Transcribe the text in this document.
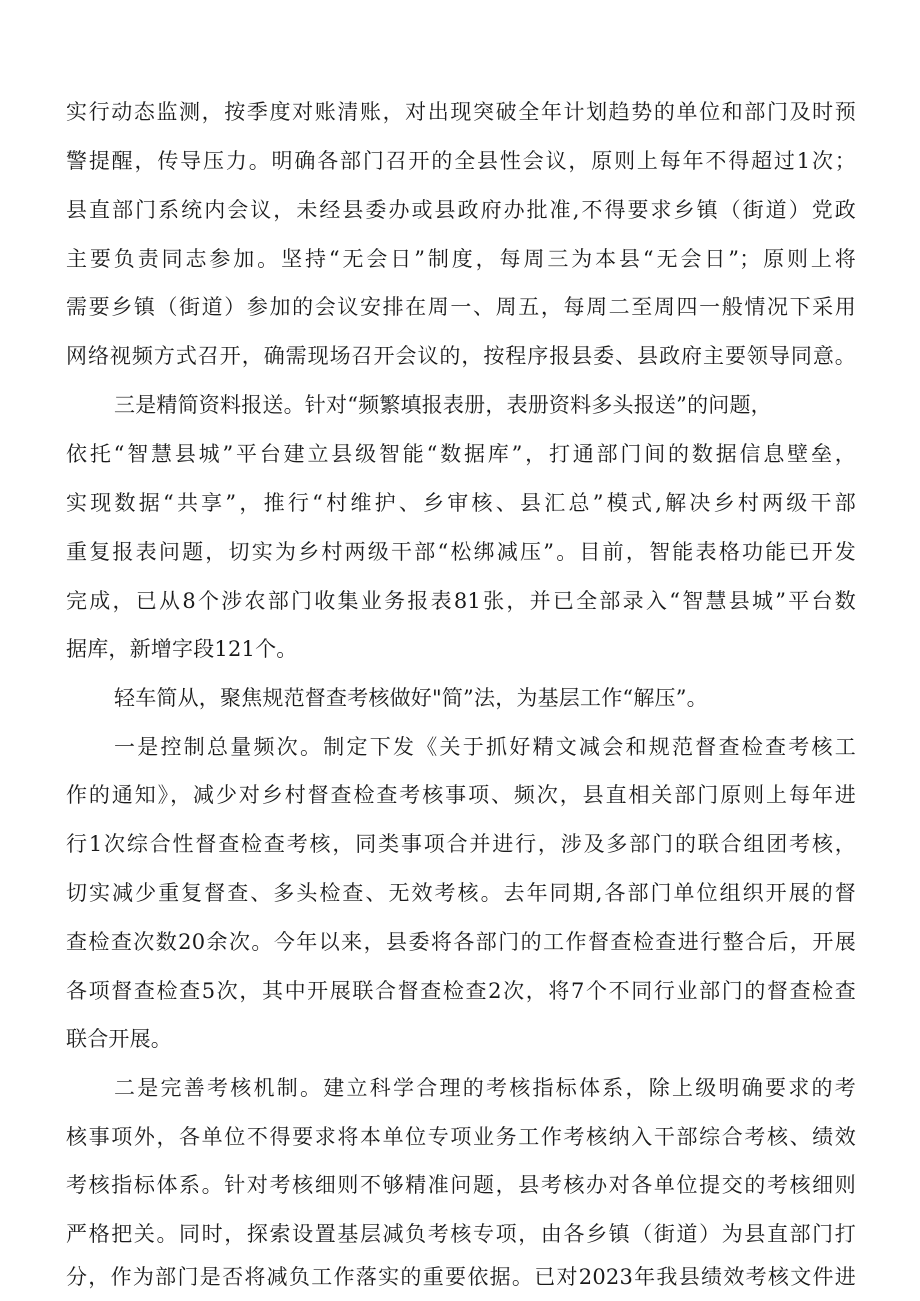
实行动态监测，按季度对账清账，对出现突破全年计划趋势的单位和部门及时预
警提醒，传导压力。明确各部门召开的全县性会议，原则上每年不得超过1次；
县直部门系统内会议，未经县委办或县政府办批准,不得要求乡镇（街道）党政
主要负责同志参加。坚持“无会日”制度，每周三为本县“无会日”；原则上将
需要乡镇（街道）参加的会议安排在周一、周五，每周二至周四一般情况下采用
网络视频方式召开，确需现场召开会议的，按程序报县委、县政府主要领导同意。
三是精简资料报送。针对“频繁填报表册，表册资料多头报送”的问题，
依托“智慧县城”平台建立县级智能“数据库”，打通部门间的数据信息壁垒，
实现数据“共享”，推行“村维护、乡审核、县汇总”模式,解决乡村两级干部
重复报表问题，切实为乡村两级干部“松绑减压”。目前，智能表格功能已开发
完成，已从8个涉农部门收集业务报表81张，并已全部录入“智慧县城”平台数
据库，新增字段121个。
轻车简从，聚焦规范督查考核做好"简”法，为基层工作“解压”。
一是控制总量频次。制定下发《关于抓好精文减会和规范督查检查考核工
作的通知》，减少对乡村督查检查考核事项、频次，县直相关部门原则上每年进
行1次综合性督查检查考核，同类事项合并进行，涉及多部门的联合组团考核，
切实减少重复督查、多头检查、无效考核。去年同期,各部门单位组织开展的督
查检查次数20余次。今年以来，县委将各部门的工作督查检查进行整合后，开展
各项督查检查5次，其中开展联合督查检查2次，将7个不同行业部门的督查检查
联合开展。
二是完善考核机制。建立科学合理的考核指标体系，除上级明确要求的考
核事项外，各单位不得要求将本单位专项业务工作考核纳入干部综合考核、绩效
考核指标体系。针对考核细则不够精准问题，县考核办对各单位提交的考核细则
严格把关。同时，探索设置基层减负考核专项，由各乡镇（街道）为县直部门打
分，作为部门是否将减负工作落实的重要依据。已对2023年我县绩效考核文件进
